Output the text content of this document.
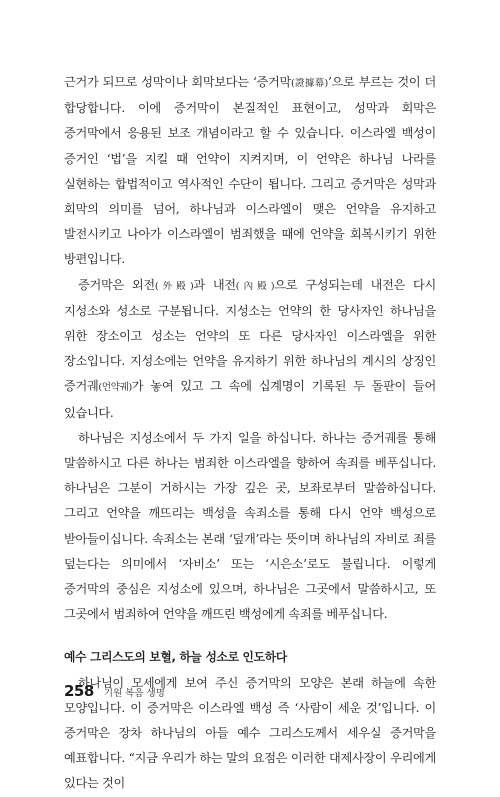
근거가 되므로 성막이나 회막보다는 ‘증거막(證據幕)’으로 부르는 것이 더 합당합니다. 이에 증거막이 본질적인 표현이고, 성막과 회막은 증거막에서 응용된 보조 개념이라고 할 수 있습니다. 이스라엘 백성이 증거인 ‘법’을 지킬 때 언약이 지켜지며, 이 언약은 하나님 나라를 실현하는 합법적이고 역사적인 수단이 됩니다. 그리고 증거막은 성막과 회막의 의미를 넘어, 하나님과 이스라엘이 맺은 언약을 유지하고 발전시키고 나아가 이스라엘이 범죄했을 때에 언약을 회복시키기 위한 방편입니다.

증거막은 외전(外殿)과 내전(內殿)으로 구성되는데 내전은 다시 지성소와 성소로 구분됩니다. 지성소는 언약의 한 당사자인 하나님을 위한 장소이고 성소는 언약의 또 다른 당사자인 이스라엘을 위한 장소입니다. 지성소에는 언약을 유지하기 위한 하나님의 계시의 상징인 증거궤(언약궤)가 놓여 있고 그 속에 십계명이 기록된 두 돌판이 들어 있습니다.

하나님은 지성소에서 두 가지 일을 하십니다. 하나는 증거궤를 통해 말씀하시고 다른 하나는 범죄한 이스라엘을 향하여 속죄를 베푸십니다. 하나님은 그분이 거하시는 가장 깊은 곳, 보좌로부터 말씀하십니다. 그리고 언약을 깨뜨리는 백성을 속죄소를 통해 다시 언약 백성으로 받아들이십니다. 속죄소는 본래 ‘덮개’라는 뜻이며 하나님의 자비로 죄를 덮는다는 의미에서 ‘자비소’ 또는 ‘시은소’로도 불립니다. 이렇게 증거막의 중심은 지성소에 있으며, 하나님은 그곳에서 말씀하시고, 또 그곳에서 범죄하여 언약을 깨뜨린 백성에게 속죄를 베푸십니다.

예수 그리스도의 보혈, 하늘 성소로 인도하다

하나님이 모세에게 보여 주신 증거막의 모양은 본래 하늘에 속한 모양입니다. 이 증거막은 이스라엘 백성 즉 ‘사람이 세운 것’입니다. 이 증거막은 장차 하나님의 아들 예수 그리스도께서 세우실 증거막을 예표합니다. “지금 우리가 하는 말의 요점은 이러한 대제사장이 우리에게 있다는 것이

258 기원 복음 생명
